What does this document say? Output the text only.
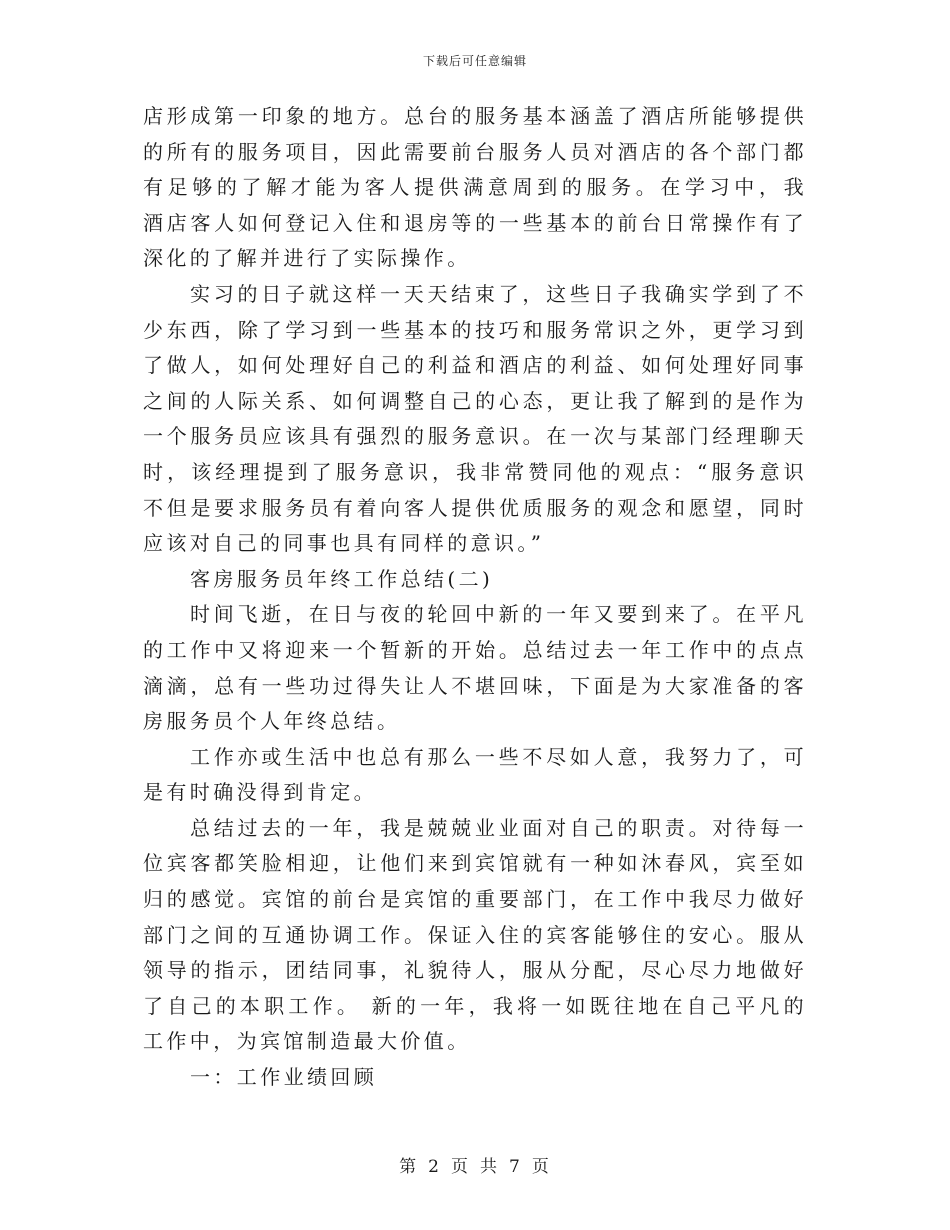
下载后可任意编辑

店形成第一印象的地方。总台的服务基本涵盖了酒店所能够提供的所有的服务项目，因此需要前台服务人员对酒店的各个部门都有足够的了解才能为客人提供满意周到的服务。在学习中，我 酒店客人如何登记入住和退房等的一些基本的前台日常操作有了深化的了解并进行了实际操作。

实习的日子就这样一天天结束了，这些日子我确实学到了不少东西，除了学习到一些基本的技巧和服务常识之外，更学习到了做人，如何处理好自己的利益和酒店的利益、如何处理好同事之间的人际关系、如何调整自己的心态，更让我了解到的是作为一个服务员应该具有强烈的服务意识。在一次与某部门经理聊天时，该经理提到了服务意识，我非常赞同他的观点：“服务意识不但是要求服务员有着向客人提供优质服务的观念和愿望，同时应该对自己的同事也具有同样的意识。”

客房服务员年终工作总结(二)

时间飞逝，在日与夜的轮回中新的一年又要到来了。在平凡的工作中又将迎来一个暂新的开始。总结过去一年工作中的点点滴滴，总有一些功过得失让人不堪回味，下面是为大家准备的客房服务员个人年终总结。

工作亦或生活中也总有那么一些不尽如人意，我努力了，可是有时确没得到肯定。

总结过去的一年，我是兢兢业业面对自己的职责。对待每一位宾客都笑脸相迎，让他们来到宾馆就有一种如沐春风，宾至如归的感觉。宾馆的前台是宾馆的重要部门，在工作中我尽力做好部门之间的互通协调工作。保证入住的宾客能够住的安心。服从领导的指示，团结同事，礼貌待人，服从分配，尽心尽力地做好了自己的本职工作。 新的一年，我将一如既往地在自己平凡的工作中，为宾馆制造最大价值。

一：工作业绩回顾

第 2 页 共 7 页
